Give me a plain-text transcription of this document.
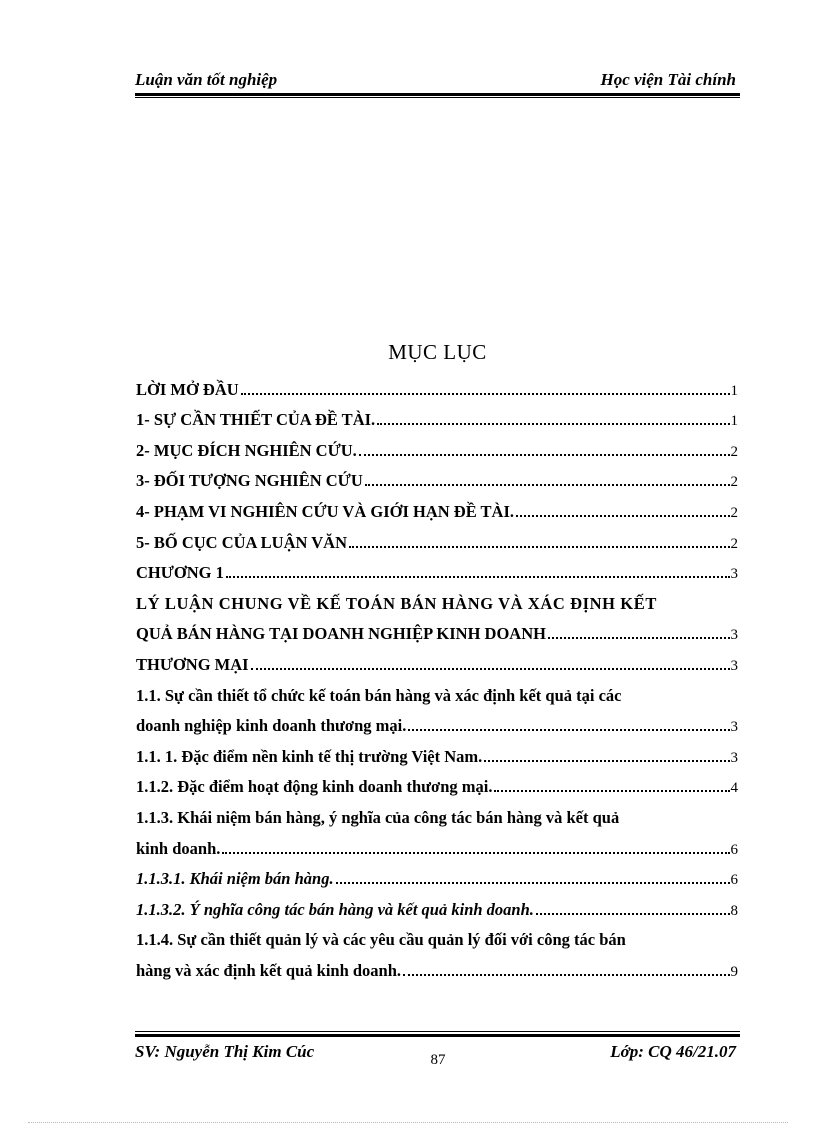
Luận văn tốt nghiệp	Học viện Tài chính
MỤC LỤC
LỜI MỞ ĐẦU	1
1- SỰ CẦN THIẾT CỦA ĐỀ TÀI.	1
2- MỤC ĐÍCH NGHIÊN CỨU.	2
3- ĐỐI TƯỢNG NGHIÊN CỨU	2
4- PHẠM VI NGHIÊN CỨU VÀ GIỚI HẠN ĐỀ TÀI.	2
5- BỐ CỤC CỦA LUẬN VĂN	2
CHƯƠNG 1	3
LÝ LUẬN CHUNG VỀ KẾ TOÁN BÁN HÀNG VÀ XÁC ĐỊNH KẾT
QUẢ BÁN HÀNG TẠI DOANH NGHIỆP KINH DOANH	3
THƯƠNG MẠI	3
1.1. Sự cần thiết tổ chức kế toán bán hàng và xác định kết quả tại các
doanh nghiệp kinh doanh thương mại.	3
1.1. 1. Đặc điểm nền kinh tế thị trường Việt Nam.	3
1.1.2. Đặc điểm hoạt động kinh doanh thương mại.	4
1.1.3. Khái niệm bán hàng, ý nghĩa của công tác bán hàng và kết quả
kinh doanh.	6
1.1.3.1. Khái niệm bán hàng.	6
1.1.3.2. Ý nghĩa công tác bán hàng và kết quả kinh doanh.	8
1.1.4. Sự cần thiết quản lý và các yêu cầu quản lý đối với công tác bán
hàng và xác định kết quả kinh doanh.	9
SV: Nguyễn Thị Kim Cúc	Lớp: CQ 46/21.07
87
